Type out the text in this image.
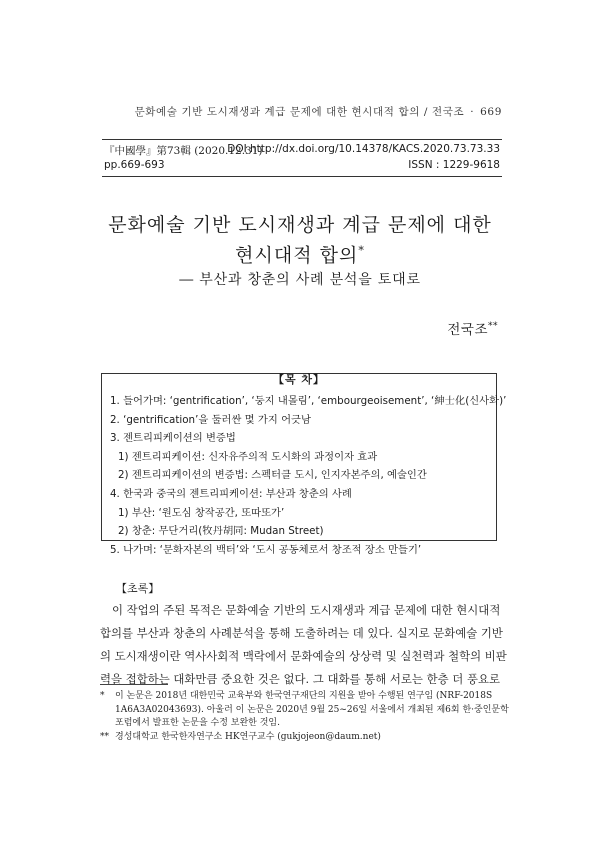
문화예술 기반 도시재생과 계급 문제에 대한 현시대적 합의 / 전국조 · 669
『中國學』第73輯 (2020.12.31)
DOI http://dx.doi.org/10.14378/KACS.2020.73.73.33
pp.669-693	ISSN : 1229-9618
문화예술 기반 도시재생과 계급 문제에 대한
현시대적 합의*
― 부산과 창춘의 사례 분석을 토대로
전국조**
【목 차】
1. 들어가며: ‘gentrification’, ‘둥지 내몰림’, ‘embourgeoisement’, ‘紳士化(신사화)’
2. ‘gentrification’을 둘러싼 몇 가지 어긋남
3. 젠트리피케이션의 변증법
1) 젠트리피케이션: 신자유주의적 도시화의 과정이자 효과
2) 젠트리피케이션의 변증법: 스펙터클 도시, 인지자본주의, 예술인간
4. 한국과 중국의 젠트리피케이션: 부산과 창춘의 사례
1) 부산: ‘원도심 창작공간, 또따또가’
2) 창춘: 무단거리(牧丹胡同: Mudan Street)
5. 나가며: ‘문화자본의 백터’와 ‘도시 공동체로서 창조적 장소 만들기’
【초록】
이 작업의 주된 목적은 문화예술 기반의 도시재생과 계급 문제에 대한 현시대적
합의를 부산과 창춘의 사례분석을 통해 도출하려는 데 있다. 실지로 문화예술 기반
의 도시재생이란 역사사회적 맥락에서 문화예술의 상상력 및 실천력과 철학의 비판
력을 접합하는 대화만큼 중요한 것은 없다. 그 대화를 통해 서로는 한층 더 풍요로
* 이 논문은 2018년 대한민국 교육부와 한국연구재단의 지원을 받아 수행된 연구임 (NRF-2018S
1A6A3A02043693). 아울러 이 논문은 2020년 9월 25~26일 서울에서 개최된 제6회 한·중인문학
포럼에서 발표한 논문을 수정 보완한 것임.
** 경성대학교 한국한자연구소 HK연구교수 (gukjojeon@daum.net)
